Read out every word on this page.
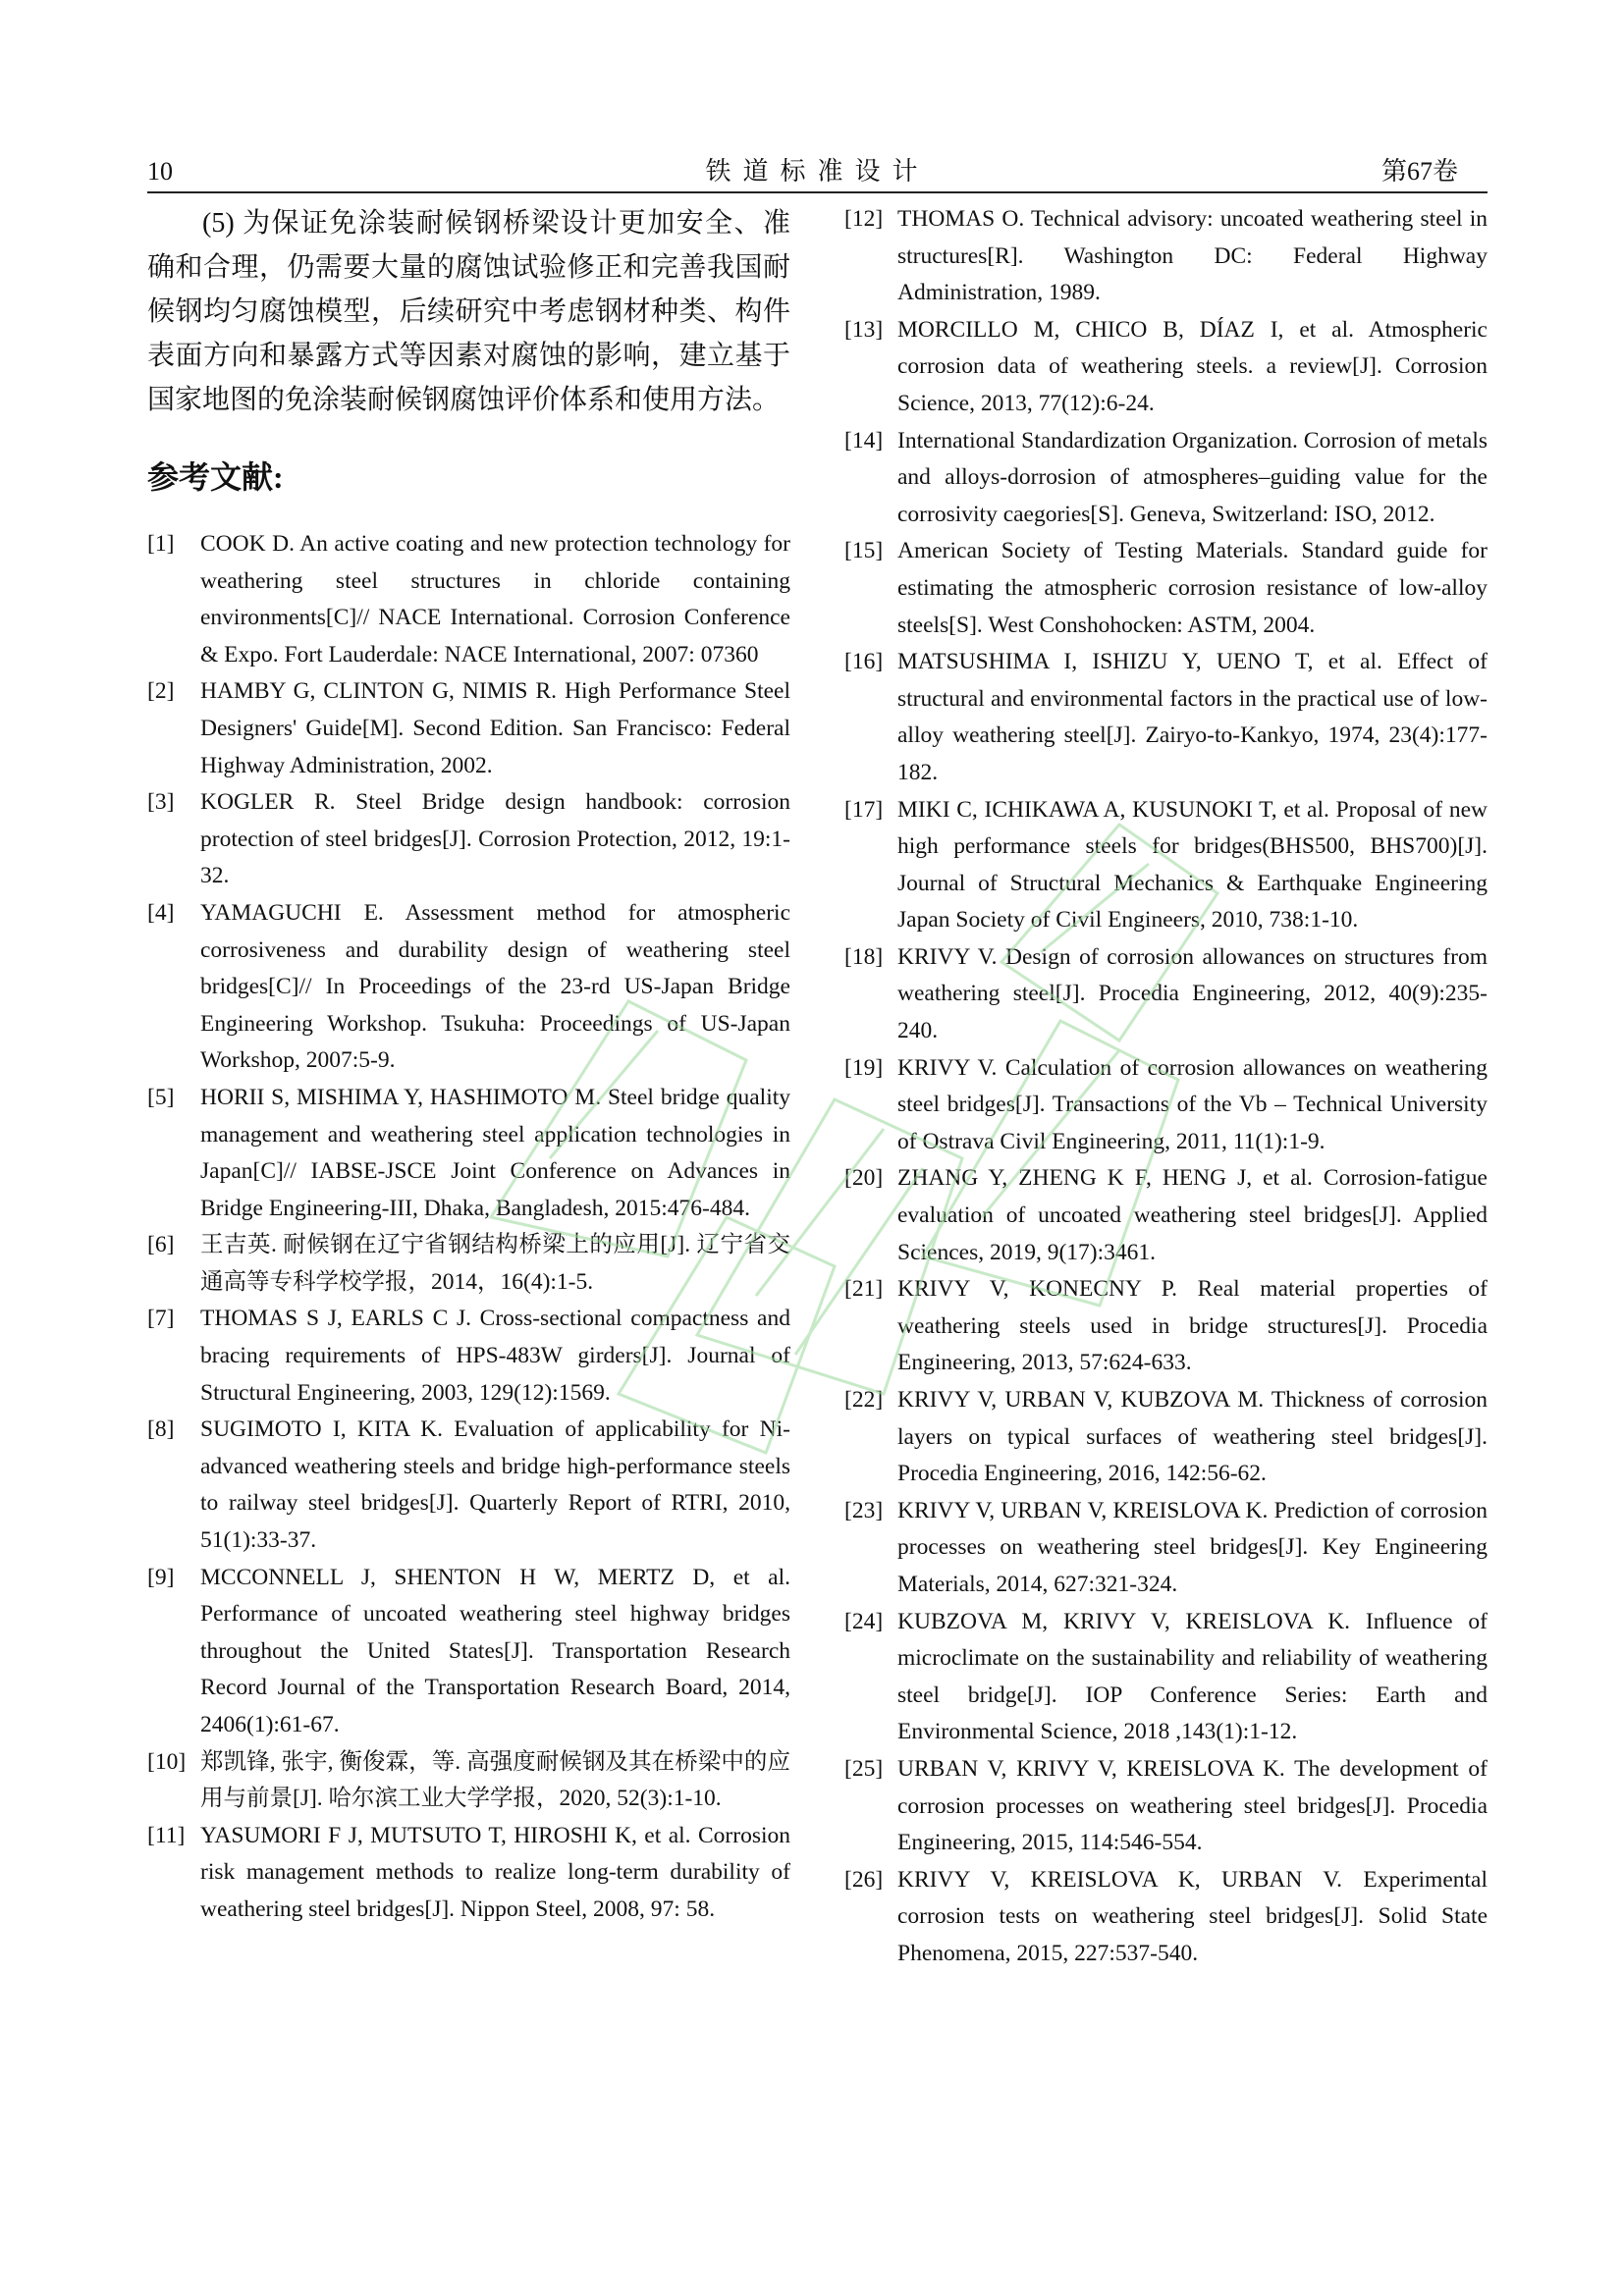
10	铁道标准设计	第67卷

(5) 为保证免涂装耐候钢桥梁设计更加安全、准确和合理，仍需要大量的腐蚀试验修正和完善我国耐候钢均匀腐蚀模型，后续研究中考虑钢材种类、构件表面方向和暴露方式等因素对腐蚀的影响，建立基于国家地图的免涂装耐候钢腐蚀评价体系和使用方法。

参考文献:
[1] COOK D. An active coating and new protection technology for weathering steel structures in chloride containing environments[C]// NACE International. Corrosion Conference & Expo. Fort Lauderdale: NACE International, 2007: 07360
[2] HAMBY G, CLINTON G, NIMIS R. High Performance Steel Designers' Guide[M]. Second Edition. San Francisco: Federal Highway Administration, 2002.
[3] KOGLER R. Steel Bridge design handbook: corrosion protection of steel bridges[J]. Corrosion Protection, 2012, 19:1-32.
[4] YAMAGUCHI E. Assessment method for atmospheric corrosiveness and durability design of weathering steel bridges[C]// In Proceedings of the 23-rd US-Japan Bridge Engineering Workshop. Tsukuha: Proceedings of US-Japan Workshop, 2007:5-9.
[5] HORII S, MISHIMA Y, HASHIMOTO M. Steel bridge quality management and weathering steel application technologies in Japan[C]// IABSE-JSCE Joint Conference on Advances in Bridge Engineering-III, Dhaka, Bangladesh, 2015:476-484.
[6] 王吉英. 耐候钢在辽宁省钢结构桥梁上的应用[J]. 辽宁省交通高等专科学校学报，2014，16(4):1-5.
[7] THOMAS S J, EARLS C J. Cross-sectional compactness and bracing requirements of HPS-483W girders[J]. Journal of Structural Engineering, 2003, 129(12):1569.
[8] SUGIMOTO I, KITA K. Evaluation of applicability for Ni-advanced weathering steels and bridge high-performance steels to railway steel bridges[J]. Quarterly Report of RTRI, 2010, 51(1):33-37.
[9] MCCONNELL J, SHENTON H W, MERTZ D, et al. Performance of uncoated weathering steel highway bridges throughout the United States[J]. Transportation Research Record Journal of the Transportation Research Board, 2014, 2406(1):61-67.
[10] 郑凯锋, 张宇, 衡俊霖，等. 高强度耐候钢及其在桥梁中的应用与前景[J]. 哈尔滨工业大学学报，2020, 52(3):1-10.
[11] YASUMORI F J, MUTSUTO T, HIROSHI K, et al. Corrosion risk management methods to realize long-term durability of weathering steel bridges[J]. Nippon Steel, 2008, 97: 58.
[12] THOMAS O. Technical advisory: uncoated weathering steel in structures[R]. Washington DC: Federal Highway Administration, 1989.
[13] MORCILLO M, CHICO B, DÍAZ I, et al. Atmospheric corrosion data of weathering steels. a review[J]. Corrosion Science, 2013, 77(12):6-24.
[14] International Standardization Organization. Corrosion of metals and alloys-dorrosion of atmospheres–guiding value for the corrosivity caegories[S]. Geneva, Switzerland: ISO, 2012.
[15] American Society of Testing Materials. Standard guide for estimating the atmospheric corrosion resistance of low-alloy steels[S]. West Conshohocken: ASTM, 2004.
[16] MATSUSHIMA I, ISHIZU Y, UENO T, et al. Effect of structural and environmental factors in the practical use of low-alloy weathering steel[J]. Zairyo-to-Kankyo, 1974, 23(4):177-182.
[17] MIKI C, ICHIKAWA A, KUSUNOKI T, et al. Proposal of new high performance steels for bridges(BHS500, BHS700)[J]. Journal of Structural Mechanics & Earthquake Engineering Japan Society of Civil Engineers, 2010, 738:1-10.
[18] KRIVY V. Design of corrosion allowances on structures from weathering steel[J]. Procedia Engineering, 2012, 40(9):235-240.
[19] KRIVY V. Calculation of corrosion allowances on weathering steel bridges[J]. Transactions of the Vb – Technical University of Ostrava Civil Engineering, 2011, 11(1):1-9.
[20] ZHANG Y, ZHENG K F, HENG J, et al. Corrosion-fatigue evaluation of uncoated weathering steel bridges[J]. Applied Sciences, 2019, 9(17):3461.
[21] KRIVY V, KONECNY P. Real material properties of weathering steels used in bridge structures[J]. Procedia Engineering, 2013, 57:624-633.
[22] KRIVY V, URBAN V, KUBZOVA M. Thickness of corrosion layers on typical surfaces of weathering steel bridges[J]. Procedia Engineering, 2016, 142:56-62.
[23] KRIVY V, URBAN V, KREISLOVA K. Prediction of corrosion processes on weathering steel bridges[J]. Key Engineering Materials, 2014, 627:321-324.
[24] KUBZOVA M, KRIVY V, KREISLOVA K. Influence of microclimate on the sustainability and reliability of weathering steel bridge[J]. IOP Conference Series: Earth and Environmental Science, 2018 ,143(1):1-12.
[25] URBAN V, KRIVY V, KREISLOVA K. The development of corrosion processes on weathering steel bridges[J]. Procedia Engineering, 2015, 114:546-554.
[26] KRIVY V, KREISLOVA K, URBAN V. Experimental corrosion tests on weathering steel bridges[J]. Solid State Phenomena, 2015, 227:537-540.
